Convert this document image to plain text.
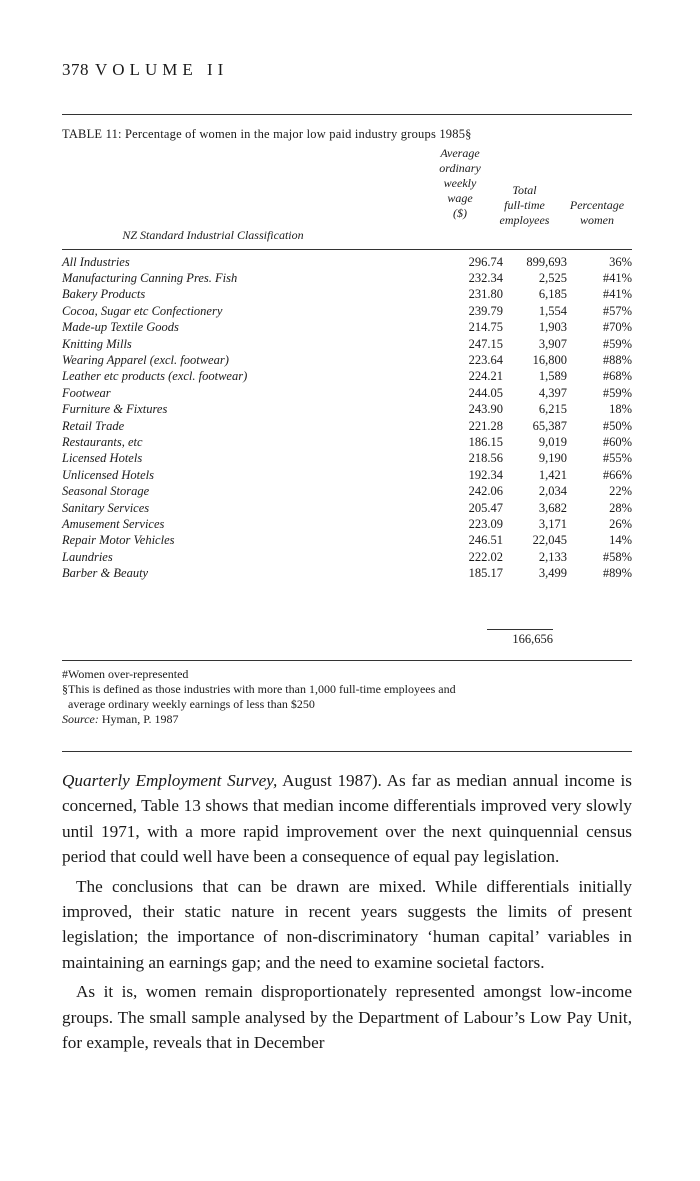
378 VOLUME II
TABLE 11: Percentage of women in the major low paid industry groups 1985§
Average
ordinary
weekly
wage
($)
Total
full-time
employees
Percentage
women
NZ Standard Industrial Classification
All Industries	296.74	899,693	36%
Manufacturing Canning Pres. Fish	232.34	2,525	#41%
Bakery Products	231.80	6,185	#41%
Cocoa, Sugar etc Confectionery	239.79	1,554	#57%
Made-up Textile Goods	214.75	1,903	#70%
Knitting Mills	247.15	3,907	#59%
Wearing Apparel (excl. footwear)	223.64	16,800	#88%
Leather etc products (excl. footwear)	224.21	1,589	#68%
Footwear	244.05	4,397	#59%
Furniture & Fixtures	243.90	6,215	18%
Retail Trade	221.28	65,387	#50%
Restaurants, etc	186.15	9,019	#60%
Licensed Hotels	218.56	9,190	#55%
Unlicensed Hotels	192.34	1,421	#66%
Seasonal Storage	242.06	2,034	22%
Sanitary Services	205.47	3,682	28%
Amusement Services	223.09	3,171	26%
Repair Motor Vehicles	246.51	22,045	14%
Laundries	222.02	2,133	#58%
Barber & Beauty	185.17	3,499	#89%
166,656
#Women over-represented
§This is defined as those industries with more than 1,000 full-time employees and
average ordinary weekly earnings of less than $250
Source: Hyman, P. 1987

Quarterly Employment Survey, August 1987). As far as median annual income is concerned, Table 13 shows that median income differentials improved very slowly until 1971, with a more rapid improvement over the next quinquennial census period that could well have been a consequence of equal pay legislation.

The conclusions that can be drawn are mixed. While differentials initially improved, their static nature in recent years suggests the limits of present legislation; the importance of non-discriminatory ‘human capital’ variables in maintaining an earnings gap; and the need to examine societal factors.

As it is, women remain disproportionately represented amongst low-income groups. The small sample analysed by the Department of Labour’s Low Pay Unit, for example, reveals that in December
